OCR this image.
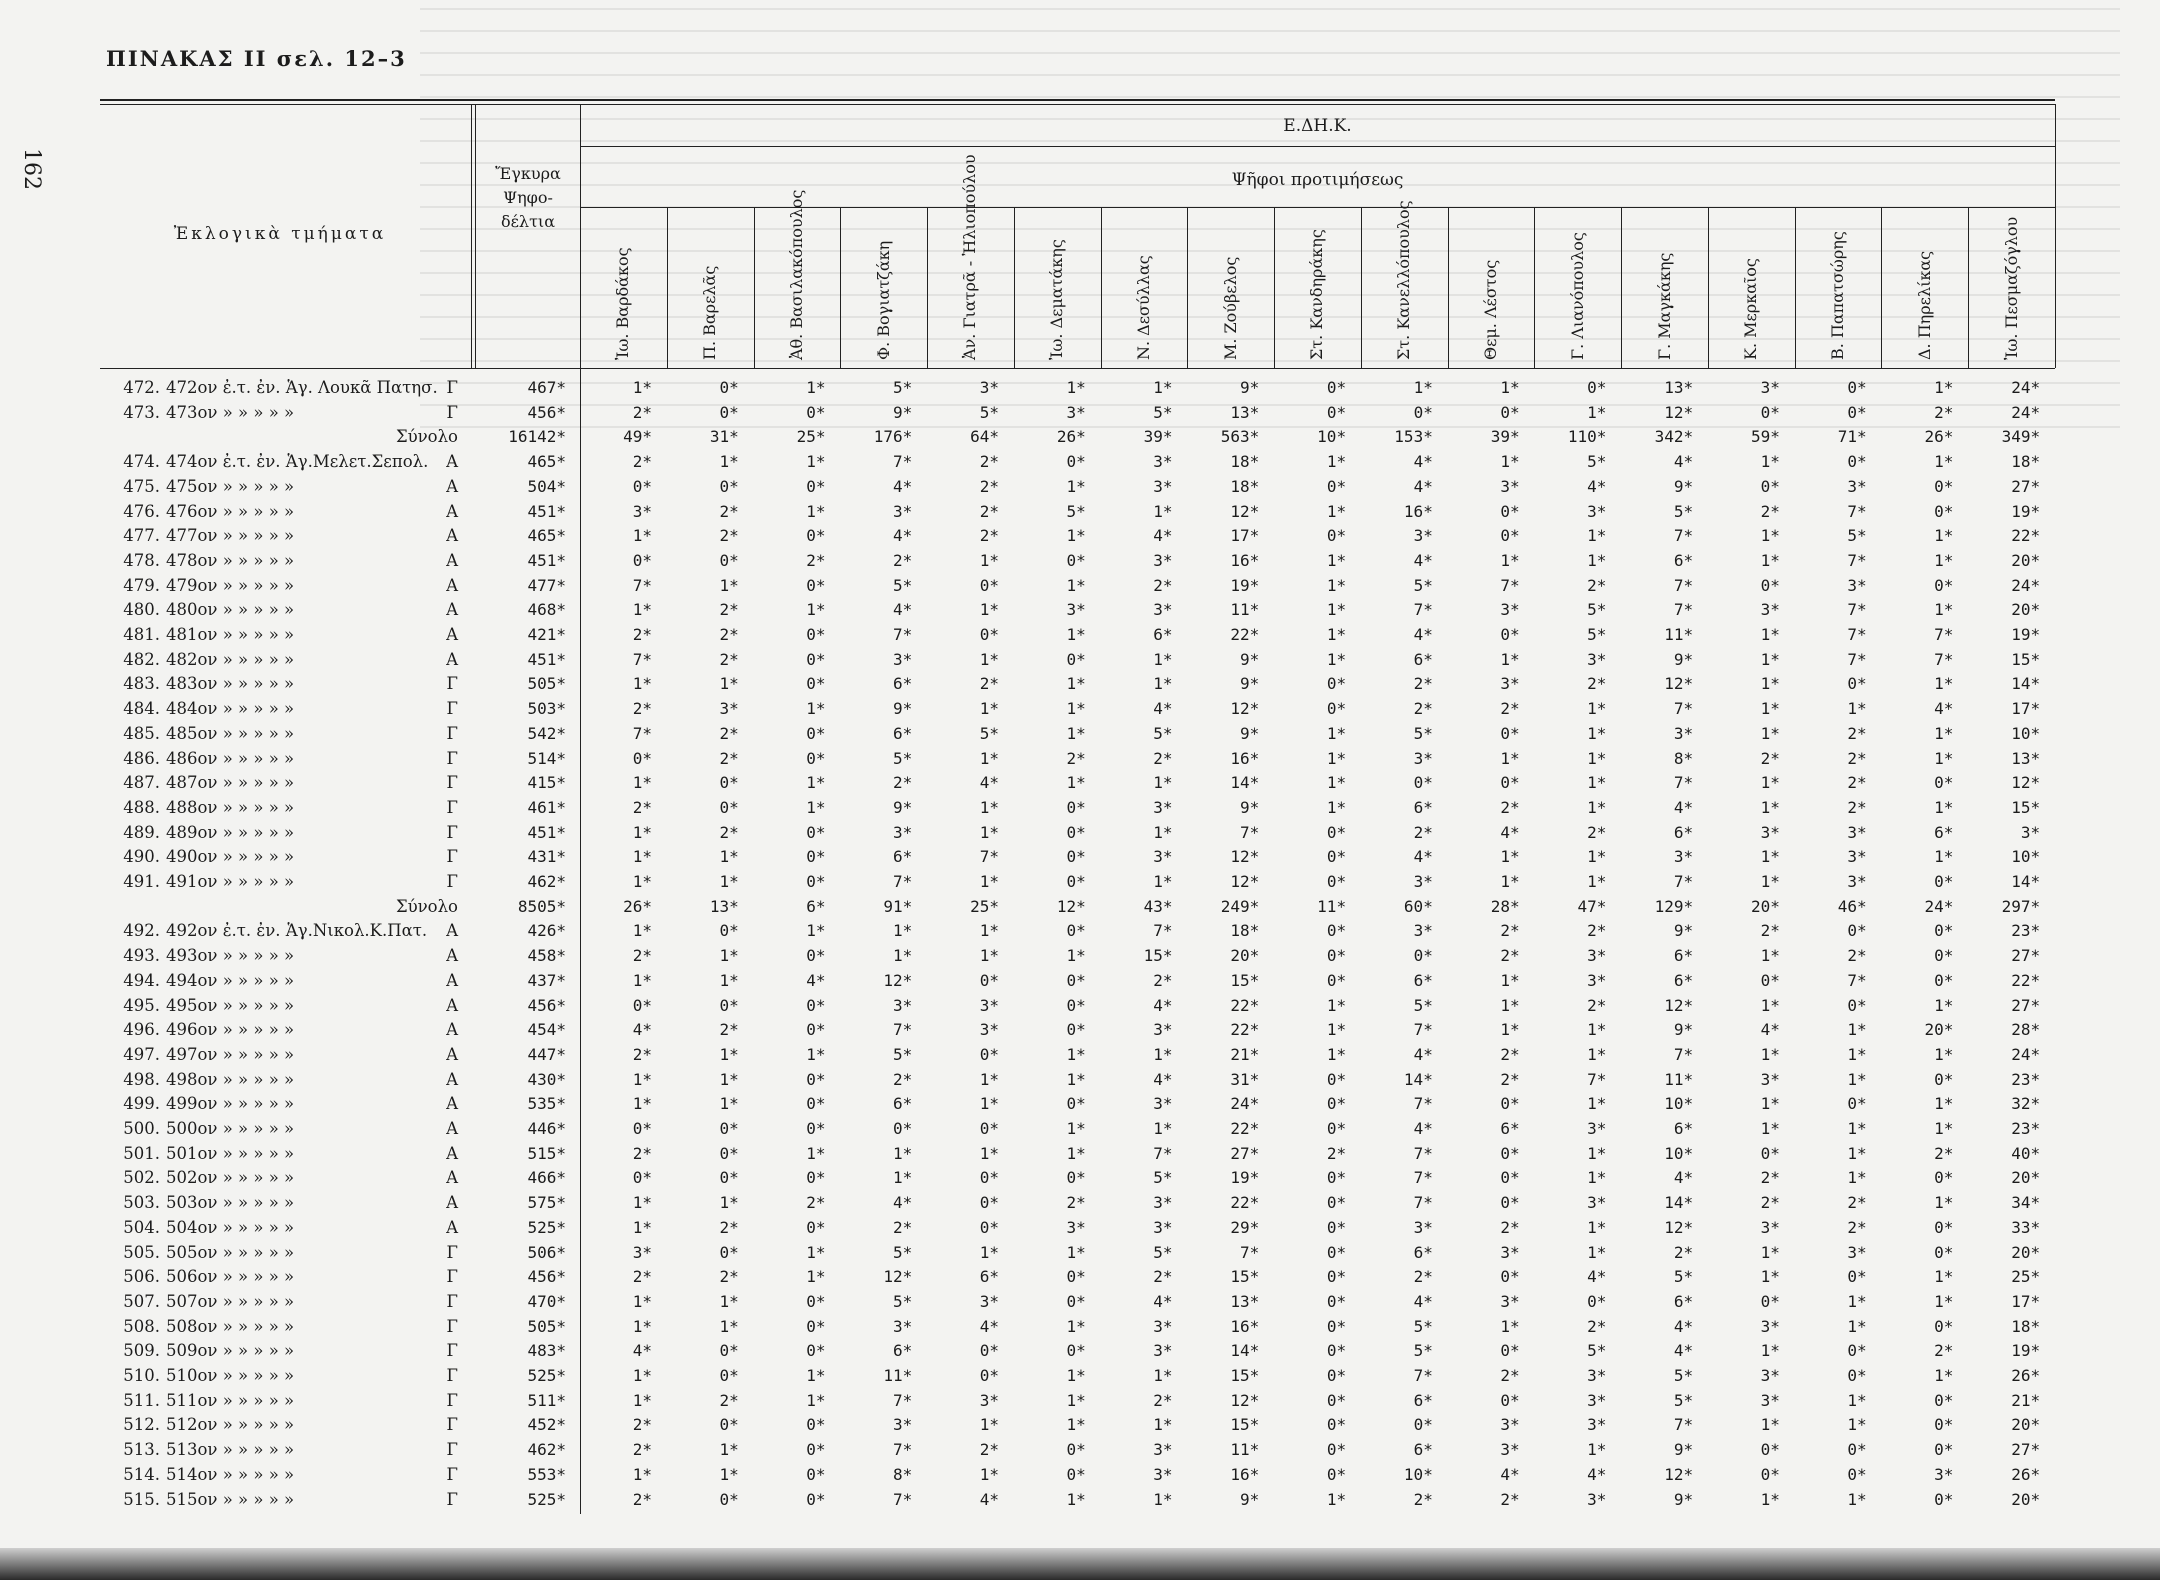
162
ΠΙΝΑΚΑΣ ΙΙ σελ. 12–3
Ἐκλογικὰ τμήματα
Ἔγκυρα Ψηφο-δέλτια
Ε.ΔΗ.Κ.
Ψῆφοι προτιμήσεως
Ἰω. Βαρδάκος	Π. Βαρελᾶς	Ἀθ. Βασιλακόπουλος	Φ. Βογιατζάκη	Ἀν. Γιατρᾶ - Ἠλιοπούλου	Ἰω. Δεματάκης	Ν. Δεσύλλας	Μ. Ζούβελος	Στ. Κανδηράκης	Στ. Κανελλόπουλος	Θεμ. Λέστος	Γ. Λιανόπουλος	Γ. Μαγκάκης	Κ. Μερκαῖος	Β. Παπατσώρης	Δ. Πηρελίκας	Ἰω. Πεσμαζόγλου
472. 472ον ἐ.τ. ἐν. Ἁγ. Λουκᾶ Πατησ. Γ	467*	1*	0*	1*	5*	3*	1*	1*	9*	0*	1*	1*	0*	13*	3*	0*	1*	24*
473. 473ον » » » » »	Γ	456*	2*	0*	0*	9*	5*	3*	5*	13*	0*	0*	0*	1*	12*	0*	0*	2*	24*
Σύνολο	16142*	49*	31*	25*	176*	64*	26*	39*	563*	10*	153*	39*	110*	342*	59*	71*	26*	349*
474. 474ον ἐ.τ. ἐν. Ἁγ.Μελετ.Σεπολ. Α	465*	2*	1*	1*	7*	2*	0*	3*	18*	1*	4*	1*	5*	4*	1*	0*	1*	18*
475. 475ον » » » » »	Α	504*	0*	0*	0*	4*	2*	1*	3*	18*	0*	4*	3*	4*	9*	0*	3*	0*	27*
476. 476ον » » » » »	Α	451*	3*	2*	1*	3*	2*	5*	1*	12*	1*	16*	0*	3*	5*	2*	7*	0*	19*
477. 477ον » » » » »	Α	465*	1*	2*	0*	4*	2*	1*	4*	17*	0*	3*	0*	1*	7*	1*	5*	1*	22*
478. 478ον » » » » »	Α	451*	0*	0*	2*	2*	1*	0*	3*	16*	1*	4*	1*	1*	6*	1*	7*	1*	20*
479. 479ον » » » » »	Α	477*	7*	1*	0*	5*	0*	1*	2*	19*	1*	5*	7*	2*	7*	0*	3*	0*	24*
480. 480ον » » » » »	Α	468*	1*	2*	1*	4*	1*	3*	3*	11*	1*	7*	3*	5*	7*	3*	7*	1*	20*
481. 481ον » » » » »	Α	421*	2*	2*	0*	7*	0*	1*	6*	22*	1*	4*	0*	5*	11*	1*	7*	7*	19*
482. 482ον » » » » »	Α	451*	7*	2*	0*	3*	1*	0*	1*	9*	1*	6*	1*	3*	9*	1*	7*	7*	15*
483. 483ον » » » » »	Γ	505*	1*	1*	0*	6*	2*	1*	1*	9*	0*	2*	3*	2*	12*	1*	0*	1*	14*
484. 484ον » » » » »	Γ	503*	2*	3*	1*	9*	1*	1*	4*	12*	0*	2*	2*	1*	7*	1*	1*	4*	17*
485. 485ον » » » » »	Γ	542*	7*	2*	0*	6*	5*	1*	5*	9*	1*	5*	0*	1*	3*	1*	2*	1*	10*
486. 486ον » » » » »	Γ	514*	0*	2*	0*	5*	1*	2*	2*	16*	1*	3*	1*	1*	8*	2*	2*	1*	13*
487. 487ον » » » » »	Γ	415*	1*	0*	1*	2*	4*	1*	1*	14*	1*	0*	0*	1*	7*	1*	2*	0*	12*
488. 488ον » » » » »	Γ	461*	2*	0*	1*	9*	1*	0*	3*	9*	1*	6*	2*	1*	4*	1*	2*	1*	15*
489. 489ον » » » » »	Γ	451*	1*	2*	0*	3*	1*	0*	1*	7*	0*	2*	4*	2*	6*	3*	3*	6*	3*
490. 490ον » » » » »	Γ	431*	1*	1*	0*	6*	7*	0*	3*	12*	0*	4*	1*	1*	3*	1*	3*	1*	10*
491. 491ον » » » » »	Γ	462*	1*	1*	0*	7*	1*	0*	1*	12*	0*	3*	1*	1*	7*	1*	3*	0*	14*
Σύνολο	8505*	26*	13*	6*	91*	25*	12*	43*	249*	11*	60*	28*	47*	129*	20*	46*	24*	297*
492. 492ον ἐ.τ. ἐν. Ἁγ.Νικολ.Κ.Πατ. Α	426*	1*	0*	1*	1*	1*	0*	7*	18*	0*	3*	2*	2*	9*	2*	0*	0*	23*
493. 493ον » » » » »	Α	458*	2*	1*	0*	1*	1*	1*	15*	20*	0*	0*	2*	3*	6*	1*	2*	0*	27*
494. 494ον » » » » »	Α	437*	1*	1*	4*	12*	0*	0*	2*	15*	0*	6*	1*	3*	6*	0*	7*	0*	22*
495. 495ον » » » » »	Α	456*	0*	0*	0*	3*	3*	0*	4*	22*	1*	5*	1*	2*	12*	1*	0*	1*	27*
496. 496ον » » » » »	Α	454*	4*	2*	0*	7*	3*	0*	3*	22*	1*	7*	1*	1*	9*	4*	1*	20*	28*
497. 497ον » » » » »	Α	447*	2*	1*	1*	5*	0*	1*	1*	21*	1*	4*	2*	1*	7*	1*	1*	1*	24*
498. 498ον » » » » »	Α	430*	1*	1*	0*	2*	1*	1*	4*	31*	0*	14*	2*	7*	11*	3*	1*	0*	23*
499. 499ον » » » » »	Α	535*	1*	1*	0*	6*	1*	0*	3*	24*	0*	7*	0*	1*	10*	1*	0*	1*	32*
500. 500ον » » » » »	Α	446*	0*	0*	0*	0*	0*	1*	1*	22*	0*	4*	6*	3*	6*	1*	1*	1*	23*
501. 501ον » » » » »	Α	515*	2*	0*	1*	1*	1*	1*	7*	27*	2*	7*	0*	1*	10*	0*	1*	2*	40*
502. 502ον » » » » »	Α	466*	0*	0*	0*	1*	0*	0*	5*	19*	0*	7*	0*	1*	4*	2*	1*	0*	20*
503. 503ον » » » » »	Α	575*	1*	1*	2*	4*	0*	2*	3*	22*	0*	7*	0*	3*	14*	2*	2*	1*	34*
504. 504ον » » » » »	Α	525*	1*	2*	0*	2*	0*	3*	3*	29*	0*	3*	2*	1*	12*	3*	2*	0*	33*
505. 505ον » » » » »	Γ	506*	3*	0*	1*	5*	1*	1*	5*	7*	0*	6*	3*	1*	2*	1*	3*	0*	20*
506. 506ον » » » » »	Γ	456*	2*	2*	1*	12*	6*	0*	2*	15*	0*	2*	0*	4*	5*	1*	0*	1*	25*
507. 507ον » » » » »	Γ	470*	1*	1*	0*	5*	3*	0*	4*	13*	0*	4*	3*	0*	6*	0*	1*	1*	17*
508. 508ον » » » » »	Γ	505*	1*	1*	0*	3*	4*	1*	3*	16*	0*	5*	1*	2*	4*	3*	1*	0*	18*
509. 509ον » » » » »	Γ	483*	4*	0*	0*	6*	0*	0*	3*	14*	0*	5*	0*	5*	4*	1*	0*	2*	19*
510. 510ον » » » » »	Γ	525*	1*	0*	1*	11*	0*	1*	1*	15*	0*	7*	2*	3*	5*	3*	0*	1*	26*
511. 511ον » » » » »	Γ	511*	1*	2*	1*	7*	3*	1*	2*	12*	0*	6*	0*	3*	5*	3*	1*	0*	21*
512. 512ον » » » » »	Γ	452*	2*	0*	0*	3*	1*	1*	1*	15*	0*	0*	3*	3*	7*	1*	1*	0*	20*
513. 513ον » » » » »	Γ	462*	2*	1*	0*	7*	2*	0*	3*	11*	0*	6*	3*	1*	9*	0*	0*	0*	27*
514. 514ον » » » » »	Γ	553*	1*	1*	0*	8*	1*	0*	3*	16*	0*	10*	4*	4*	12*	0*	0*	3*	26*
515. 515ον » » » » »	Γ	525*	2*	0*	0*	7*	4*	1*	1*	9*	1*	2*	2*	3*	9*	1*	1*	0*	20*
